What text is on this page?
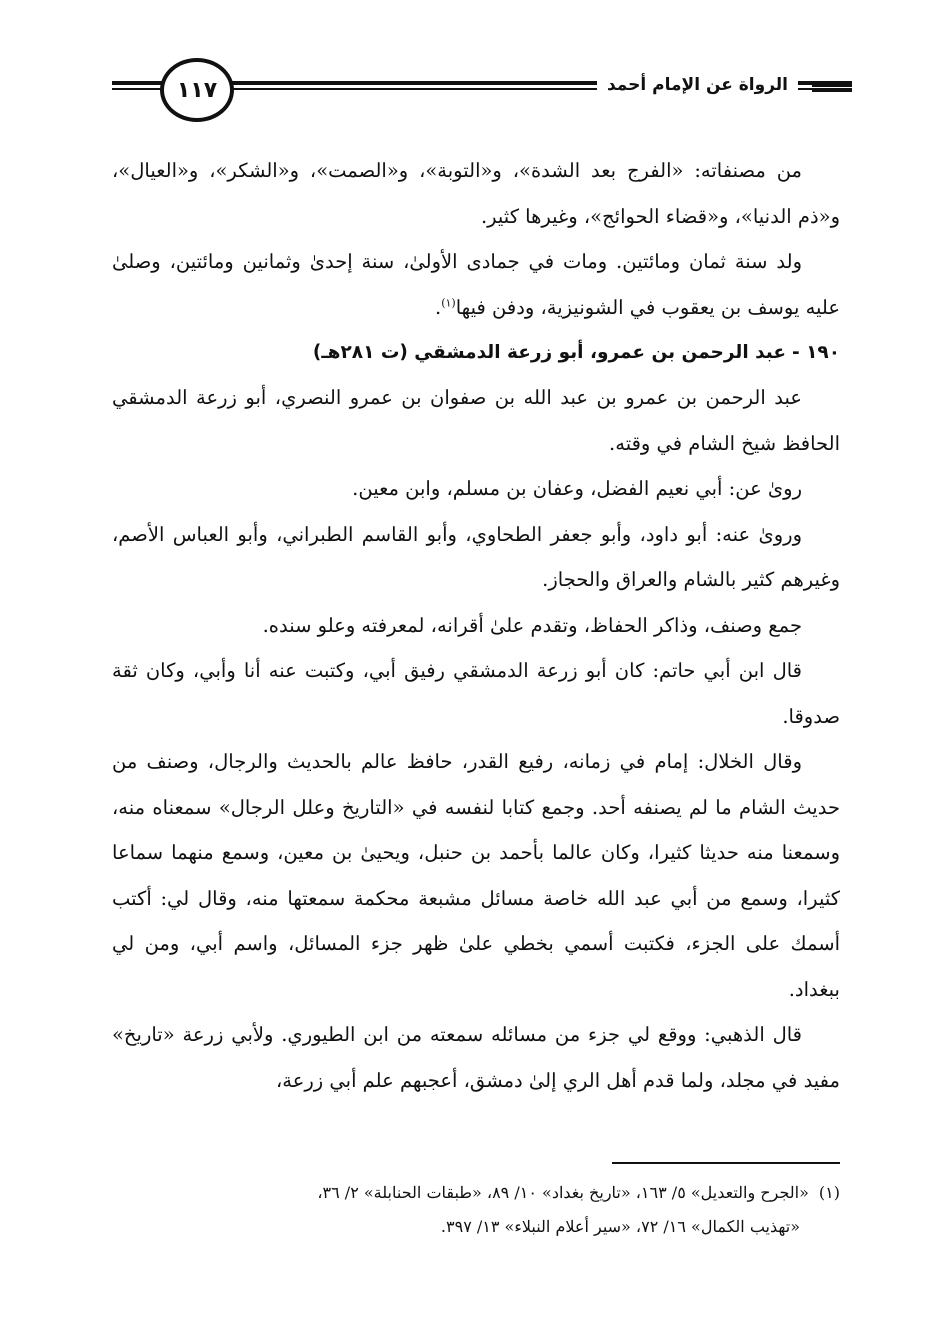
١١٧	الرواة عن الإمام أحمد

من مصنفاته: «الفرج بعد الشدة»، و«التوبة»، و«الصمت»، و«الشكر»، و«العيال»، و«ذم الدنيا»، و«قضاء الحوائج»، وغيرها كثير.

ولد سنة ثمان ومائتين. ومات في جمادى الأولىٰ، سنة إحدىٰ وثمانين ومائتين، وصلىٰ عليه يوسف بن يعقوب في الشونيزية، ودفن فيها$^{(١)}$.

١٩٠ -عبد الرحمن بن عمرو، أبو زرعة الدمشقي (ت ٢٨١هـ)

عبد الرحمن بن عمرو بن عبد الله بن صفوان بن عمرو النصري، أبو زرعة الدمشقي الحافظ شيخ الشام في وقته.

روىٰ عن: أبي نعيم الفضل، وعفان بن مسلم، وابن معين.

وروىٰ عنه: أبو داود، وأبو جعفر الطحاوي، وأبو القاسم الطبراني، وأبو العباس الأصم، وغيرهم كثير بالشام والعراق والحجاز.

جمع وصنف، وذاكر الحفاظ، وتقدم علىٰ أقرانه، لمعرفته وعلو سنده.

قال ابن أبي حاتم: كان أبو زرعة الدمشقي رفيق أبي، وكتبت عنه أنا وأبي، وكان ثقة صدوقا.

وقال الخلال: إمام في زمانه، رفيع القدر، حافظ عالم بالحديث والرجال، وصنف من حديث الشام ما لم يصنفه أحد. وجمع كتابا لنفسه في «التاريخ وعلل الرجال» سمعناه منه، وسمعنا منه حديثا كثيرا، وكان عالما بأحمد بن حنبل، ويحيىٰ بن معين، وسمع منهما سماعا كثيرا، وسمع من أبي عبد الله خاصة مسائل مشبعة محكمة سمعتها منه، وقال لي: أكتب أسمك على الجزء، فكتبت أسمي بخطي علىٰ ظهر جزء المسائل، واسم أبي، ومن لي ببغداد.

قال الذهبي: ووقع لي جزء من مسائله سمعته من ابن الطيوري. ولأبي زرعة «تاريخ» مفيد في مجلد، ولما قدم أهل الري إلىٰ دمشق، أعجبهم علم أبي زرعة،

(١)«الجرح والتعديل» ٥/ ١٦٣، «تاريخ بغداد» ١٠/ ٨٩، «طبقات الحنابلة» ٢/ ٣٦،
«تهذيب الكمال» ١٦/ ٧٢، «سير أعلام النبلاء» ١٣/ ٣٩٧.
